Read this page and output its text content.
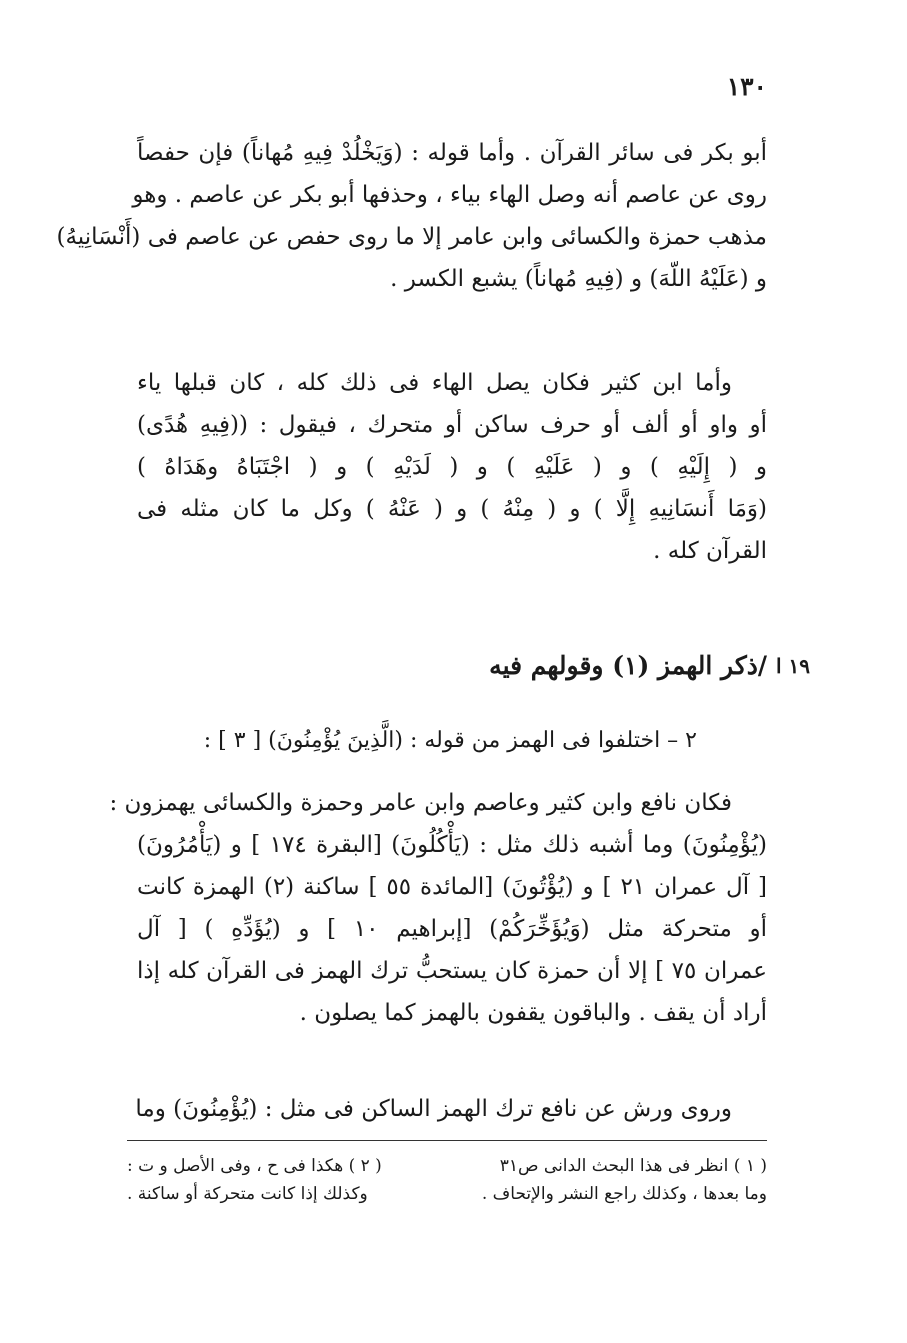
١٣٠
أبو بكر فى سائر القرآن . وأما قوله : (وَيَخْلُدْ فِيهِ مُهاناً) فإن حفصاً
روى عن عاصم أنه وصل الهاء بياء ، وحذفها أبو بكر عن عاصم . وهو
مذهب حمزة والكسائى وابن عامر إلا ما روى حفص عن عاصم فى (أَنْسَانِيهُ)
و (عَلَيْهُ اللّهَ) و (فِيهِ مُهاناً) يشبع الكسر .
وأما ابن كثير فكان يصل الهاء فى ذلك كله ، كان قبلها ياء
أو واو أو ألف أو حرف ساكن أو متحرك ، فيقول : ((فِيهِ هُدًى)
و ( إِلَيْهِ ) و ( عَلَيْهِ ) و ( لَدَيْهِ ) و ( اجْتَبَاهُ وهَدَاهُ )
(وَمَا أَنسَانِيهِ إِلَّا ) و ( مِنْهُ ) و ( عَنْهُ ) وكل ما كان مثله فى
القرآن كله .
١٩ ا
/ذكر الهمز (١) وقولهم فيه
٢ – اختلفوا فى الهمز من قوله : (الَّذِينَ يُؤْمِنُونَ) [ ٣ ] :
فكان نافع وابن كثير وعاصم وابن عامر وحمزة والكسائى يهمزون :
(يُؤْمِنُونَ) وما أشبه ذلك مثل : (يَأْكُلُونَ) [البقرة ١٧٤ ] و (يَأْمُرُونَ)
[ آل عمران ٢١ ] و (يُؤْتُونَ) [المائدة ٥٥ ] ساكنة (٢) الهمزة كانت
أو متحركة مثل (وَيُؤَخِّرَكُمْ) [إبراهيم ١٠ ] و (يُؤَدِّهِ ) [ آل
عمران ٧٥ ] إلا أن حمزة كان يستحبُّ ترك الهمز فى القرآن كله إذا
أراد أن يقف . والباقون يقفون بالهمز كما يصلون .
وروى ورش عن نافع ترك الهمز الساكن فى مثل : (يُؤْمِنُونَ) وما
( ١ ) انظر فى هذا البحث الدانى ص٣١( ٢ ) هكذا فى ح ، وفى الأصل و ت :
وما بعدها ، وكذلك راجع النشر والإتحاف .وكذلك إذا كانت متحركة أو ساكنة .
